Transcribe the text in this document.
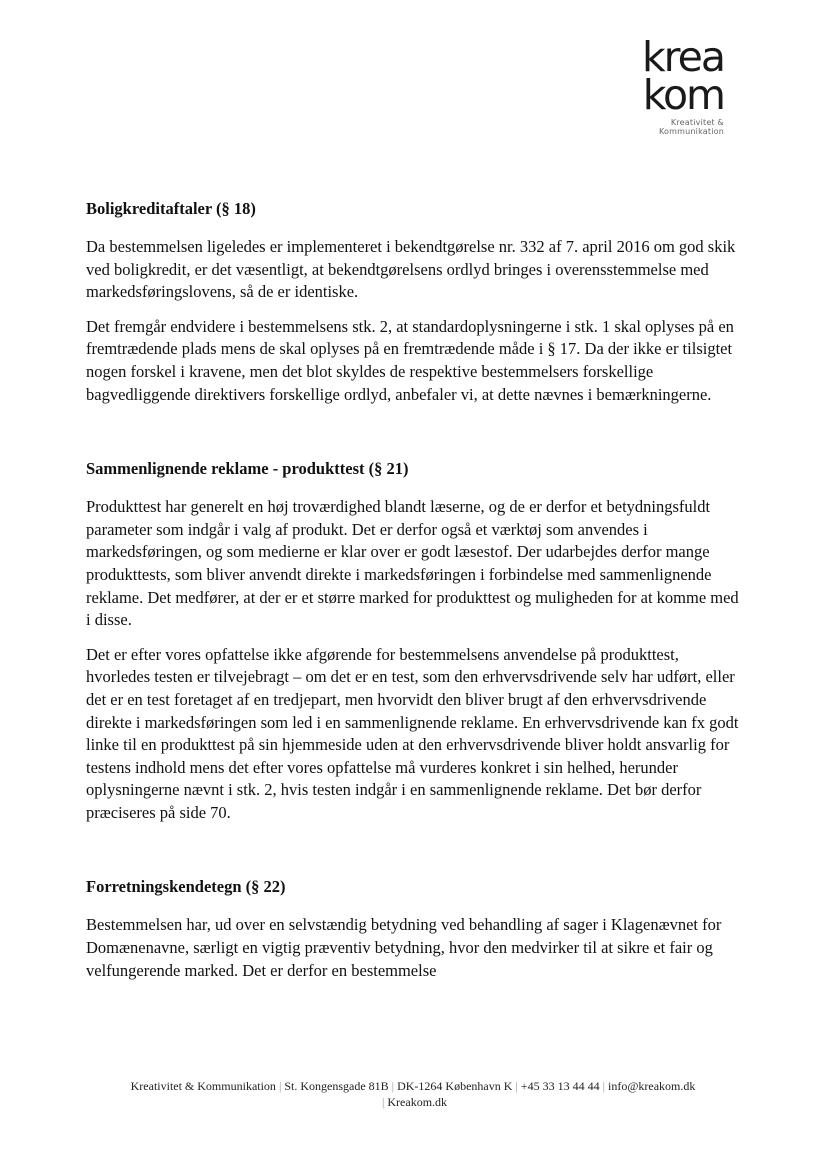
krea
kom
Kreativitet & Kommunikation
Boligkreditaftaler (§ 18)

Da bestemmelsen ligeledes er implementeret i bekendtgørelse nr. 332 af 7. april 2016 om god skik ved boligkredit, er det væsentligt, at bekendtgørelsens ordlyd bringes i overensstemmelse med markedsføringslovens, så de er identiske.

Det fremgår endvidere i bestemmelsens stk. 2, at standardoplysningerne i stk. 1 skal oplyses på en fremtrædende plads mens de skal oplyses på en fremtrædende måde i § 17. Da der ikke er tilsigtet nogen forskel i kravene, men det blot skyldes de respektive bestemmelsers forskellige bagvedliggende direktivers forskellige ordlyd, anbefaler vi, at dette nævnes i bemærkningerne.

Sammenlignende reklame - produkttest (§ 21)

Produkttest har generelt en høj troværdighed blandt læserne, og de er derfor et betydningsfuldt parameter som indgår i valg af produkt. Det er derfor også et værktøj som anvendes i markedsføringen, og som medierne er klar over er godt læsestof. Der udarbejdes derfor mange produkttests, som bliver anvendt direkte i markedsføringen i forbindelse med sammenlignende reklame. Det medfører, at der er et større marked for produkttest og muligheden for at komme med i disse.

Det er efter vores opfattelse ikke afgørende for bestemmelsens anvendelse på produkttest, hvorledes testen er tilvejebragt – om det er en test, som den erhvervsdrivende selv har udført, eller det er en test foretaget af en tredjepart, men hvorvidt den bliver brugt af den erhvervsdrivende direkte i markedsføringen som led i en sammenlignende reklame. En erhvervsdrivende kan fx godt linke til en produkttest på sin hjemmeside uden at den erhvervsdrivende bliver holdt ansvarlig for testens indhold mens det efter vores opfattelse må vurderes konkret i sin helhed, herunder oplysningerne nævnt i stk. 2, hvis testen indgår i en sammenlignende reklame. Det bør derfor præciseres på side 70.

Forretningskendetegn (§ 22)

Bestemmelsen har, ud over en selvstændig betydning ved behandling af sager i Klagenævnet for Domænenavne, særligt en vigtig præventiv betydning, hvor den medvirker til at sikre et fair og velfungerende marked. Det er derfor en bestemmelse

Kreativitet & Kommunikation | St. Kongensgade 81B | DK-1264 København K | +45 33 13 44 44 | info@kreakom.dk
| Kreakom.dk
